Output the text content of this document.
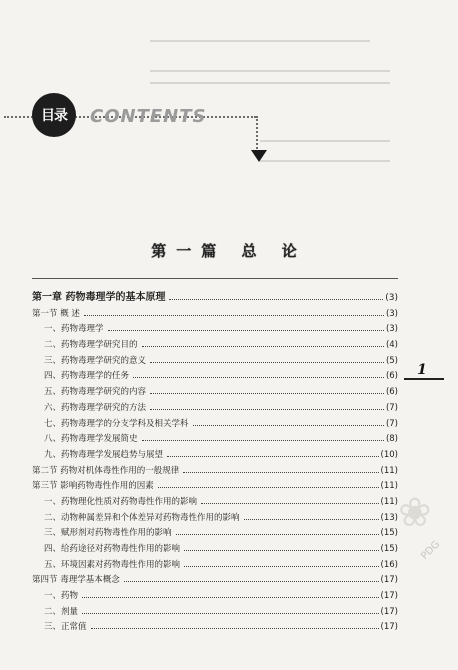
目录 CONTENTS
第一篇 总 论
第一章 药物毒理学的基本原理	(3)
第一节 概 述	(3)
一、药物毒理学	(3)
二、药物毒理学研究目的	(4)
三、药物毒理学研究的意义	(5)
四、药物毒理学的任务	(6)
五、药物毒理学研究的内容	(6)
六、药物毒理学研究的方法	(7)
七、药物毒理学的分支学科及相关学科	(7)
八、药物毒理学发展简史	(8)
九、药物毒理学发展趋势与展望	(10)
第二节 药物对机体毒性作用的一般规律	(11)
第三节 影响药物毒性作用的因素	(11)
一、药物理化性质对药物毒性作用的影响	(11)
二、动物种属差异和个体差异对药物毒性作用的影响	(13)
三、赋形剂对药物毒性作用的影响	(15)
四、给药途径对药物毒性作用的影响	(15)
五、环境因素对药物毒性作用的影响	(16)
第四节 毒理学基本概念	(17)
一、药物	(17)
二、剂量	(17)
三、正常值	(17)
1
❀
PDG
